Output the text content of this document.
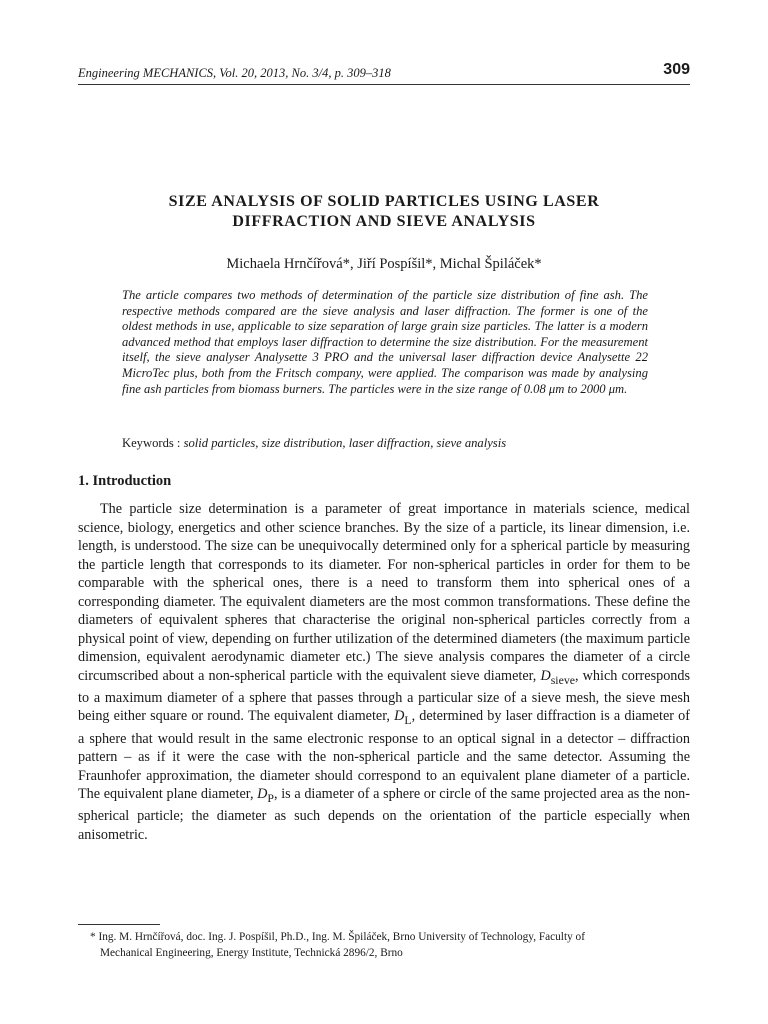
Engineering MECHANICS, Vol. 20, 2013, No. 3/4, p. 309–318	309
SIZE ANALYSIS OF SOLID PARTICLES USING LASER
DIFFRACTION AND SIEVE ANALYSIS
Michaela Hrnčířová*, Jiří Pospíšil*, Michal Špiláček*
The article compares two methods of determination of the particle size distribution of fine ash. The respective methods compared are the sieve analysis and laser diffraction. The former is one of the oldest methods in use, applicable to size separation of large grain size particles. The latter is a modern advanced method that employs laser diffraction to determine the size distribution. For the measurement itself, the sieve analyser Analysette 3 PRO and the universal laser diffraction device Analysette 22 MicroTec plus, both from the Fritsch company, were applied. The comparison was made by analysing fine ash particles from biomass burners. The particles were in the size range of 0.08 μm to 2000 μm.
Keywords : solid particles, size distribution, laser diffraction, sieve analysis
1. Introduction
The particle size determination is a parameter of great importance in materials science, medical science, biology, energetics and other science branches. By the size of a particle, its linear dimension, i.e. length, is understood. The size can be unequivocally determined only for a spherical particle by measuring the particle length that corresponds to its diameter. For non-spherical particles in order for them to be comparable with the spherical ones, there is a need to transform them into spherical ones of a corresponding diameter. The equivalent diameters are the most common transformations. These define the diameters of equivalent spheres that characterise the original non-spherical particles correctly from a physical point of view, depending on further utilization of the determined diameters (the maximum particle dimension, equivalent aerodynamic diameter etc.) The sieve analysis compares the diameter of a circle circumscribed about a non-spherical particle with the equivalent sieve diameter, $D_{sieve}$, which corresponds to a maximum diameter of a sphere that passes through a particular size of a sieve mesh, the sieve mesh being either square or round. The equivalent diameter, $D_L$, determined by laser diffraction is a diameter of a sphere that would result in the same electronic response to an optical signal in a detector – diffraction pattern – as if it were the case with the non-spherical particle and the same detector. Assuming the Fraunhofer approximation, the diameter should correspond to an equivalent plane diameter of a particle. The equivalent plane diameter, $D_P$, is a diameter of a sphere or circle of the same projected area as the non-spherical particle; the diameter as such depends on the orientation of the particle especially when anisometric.
* Ing. M. Hrnčířová, doc. Ing. J. Pospíšil, Ph.D., Ing. M. Špiláček, Brno University of Technology, Faculty of
Mechanical Engineering, Energy Institute, Technická 2896/2, Brno
